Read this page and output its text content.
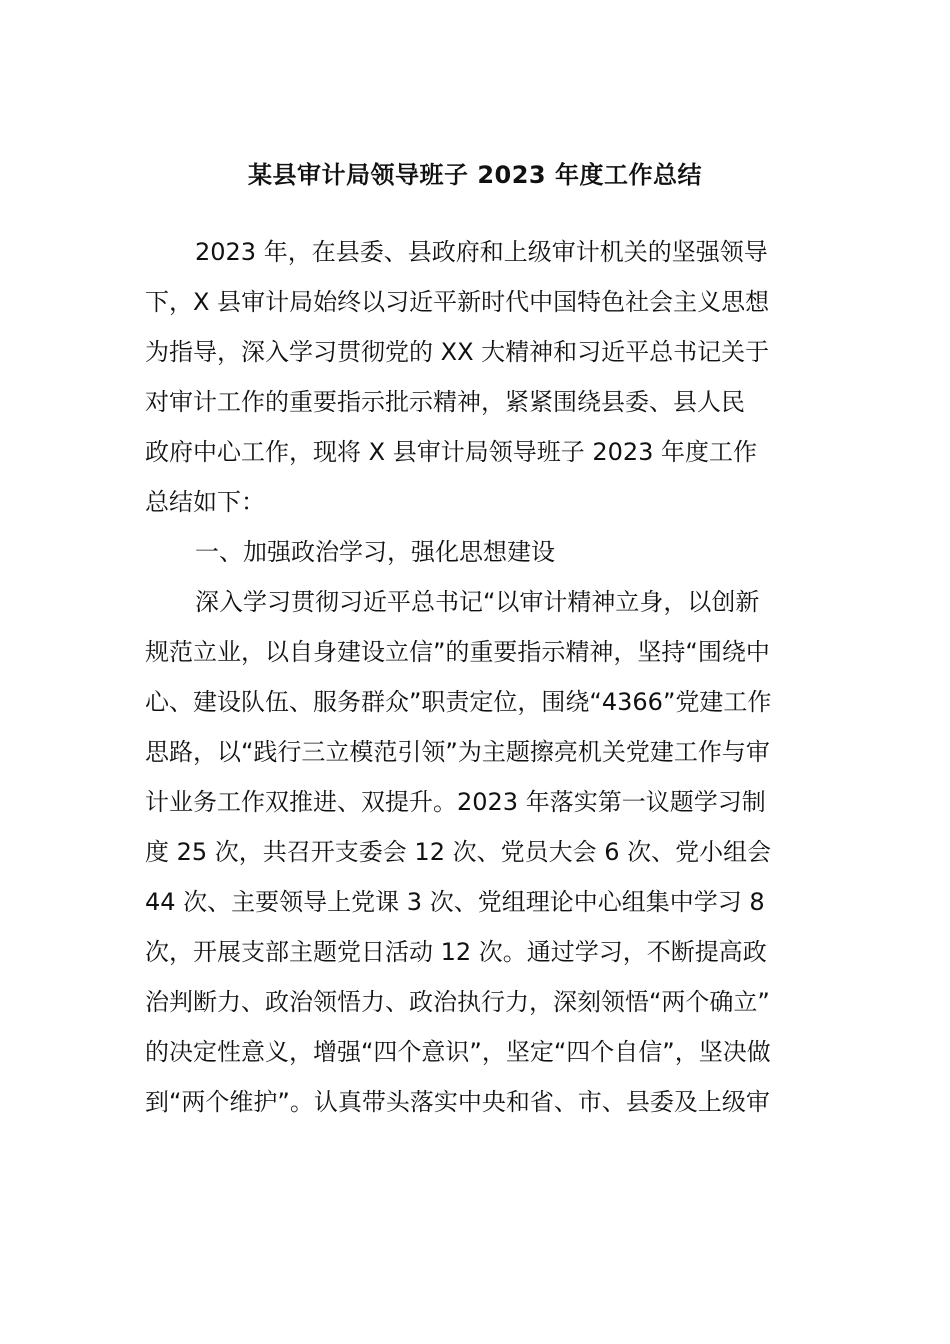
某县审计局领导班子 2023 年度工作总结
2023 年，在县委、县政府和上级审计机关的坚强领导
下，X 县审计局始终以习近平新时代中国特色社会主义思想
为指导，深入学习贯彻党的 XX 大精神和习近平总书记关于
对审计工作的重要指示批示精神，紧紧围绕县委、县人民
政府中心工作，现将 X 县审计局领导班子 2023 年度工作
总结如下：
一、加强政治学习，强化思想建设
深入学习贯彻习近平总书记“以审计精神立身，以创新
规范立业，以自身建设立信”的重要指示精神，坚持“围绕中
心、建设队伍、服务群众”职责定位，围绕“4366”党建工作
思路，以“践行三立模范引领”为主题擦亮机关党建工作与审
计业务工作双推进、双提升。2023 年落实第一议题学习制
度 25 次，共召开支委会 12 次、党员大会 6 次、党小组会
44 次、主要领导上党课 3 次、党组理论中心组集中学习 8
次，开展支部主题党日活动 12 次。通过学习，不断提高政
治判断力、政治领悟力、政治执行力，深刻领悟“两个确立”
的决定性意义，增强“四个意识”，坚定“四个自信”，坚决做
到“两个维护”。认真带头落实中央和省、市、县委及上级审
